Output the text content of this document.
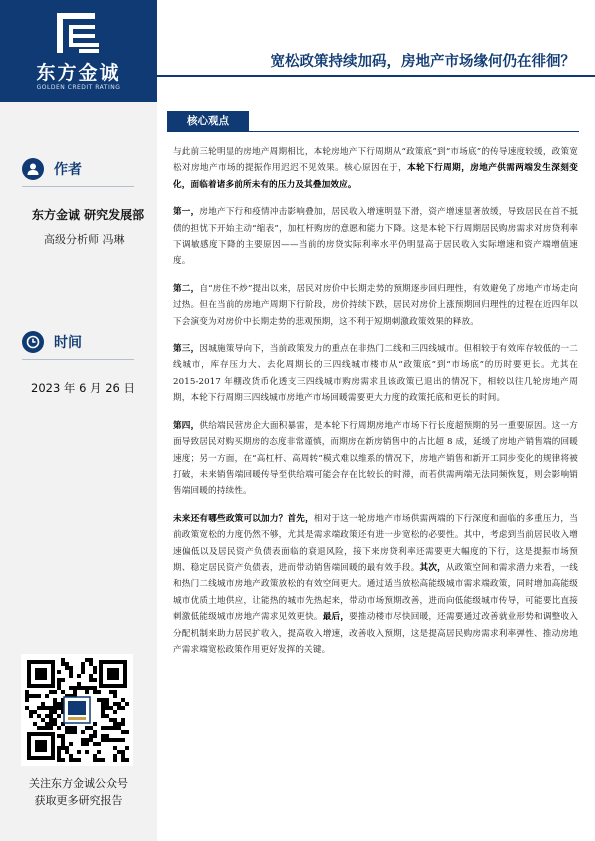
东方金诚
GOLDEN CREDIT RATING
作者
东方金诚 研究发展部
高级分析师 冯琳
时间
2023 年 6 月 26 日
关注东方金诚公众号
获取更多研究报告
宽松政策持续加码，房地产市场缘何仍在徘徊？
核心观点

与此前三轮明显的房地产周期相比，本轮房地产下行周期从“政策底”到“市场底”的传导速度较缓，政策宽松对房地产市场的提振作用迟迟不见效果。核心原因在于，本轮下行周期，房地产供需两端发生深刻变化，面临着诸多前所未有的压力及其叠加效应。

第一，房地产下行和疫情冲击影响叠加，居民收入增速明显下滑，资产增速显著放缓，导致居民在首不抵债的担忧下开始主动“缩表”，加杠杆购房的意愿和能力下降。这是本轮下行周期居民购房需求对房贷利率下调敏感度下降的主要原因——当前的房贷实际利率水平仍明显高于居民收入实际增速和资产端增值速度。

第二，自“房住不炒”提出以来，居民对房价中长期走势的预期逐步回归理性，有效避免了房地产市场走向过热。但在当前的房地产周期下行阶段，房价持续下跌，居民对房价上涨预期回归理性的过程在近四年以下会演变为对房价中长期走势的悲观预期，这不利于短期刺激政策效果的释放。

第三，因城施策导向下，当前政策发力的重点在非热门二线和三四线城市。但相较于有效库存较低的一二线城市，库存压力大、去化周期长的三四线城市楼市从“政策底”到“市场底”的历时要更长。尤其在 2015-2017 年棚改货币化透支三四线城市购房需求且该政策已退出的情况下，相较以往几轮房地产周期，本轮下行周期三四线城市房地产市场回暖需要更大力度的政策托底和更长的时间。

第四，供给端民营房企大面积暴雷，是本轮下行周期房地产市场下行长度超预期的另一重要原因。这一方面导致居民对购买期房的态度非常谨慎，而期房在新房销售中的占比超 8 成，延缓了房地产销售端的回暖速度；另一方面，在“高杠杆、高周转”模式难以维系的情况下，房地产销售和新开工同步变化的规律将被打破，未来销售端回暖传导至供给端可能会存在比较长的时滞，而若供需两端无法同频恢复，则会影响销售端回暖的持续性。

未来还有哪些政策可以加力？首先，相对于这一轮房地产市场供需两端的下行深度和面临的多重压力，当前政策宽松的力度仍然不够，尤其是需求端政策还有进一步宽松的必要性。其中，考虑到当前居民收入增速偏低以及居民资产负债表面临的衰退风险，接下来房贷利率还需要更大幅度的下行，这是提振市场预期、稳定居民资产负债表，进而带动销售端回暖的最有效手段。其次，从政策空间和需求潜力来看，一线和热门二线城市房地产政策放松的有效空间更大。通过适当放松高能级城市需求端政策，同时增加高能级城市优质土地供应，让能热的城市先热起来，带动市场预期改善，进而向低能级城市传导，可能要比直接刺激低能级城市房地产需求见效更快。最后，要推动楼市尽快回暖，还需要通过改善就业形势和调整收入分配机制来助力居民扩收入，提高收入增速，改善收入预期，这是提高居民购房需求利率弹性、推动房地产需求端宽松政策作用更好发挥的关键。
